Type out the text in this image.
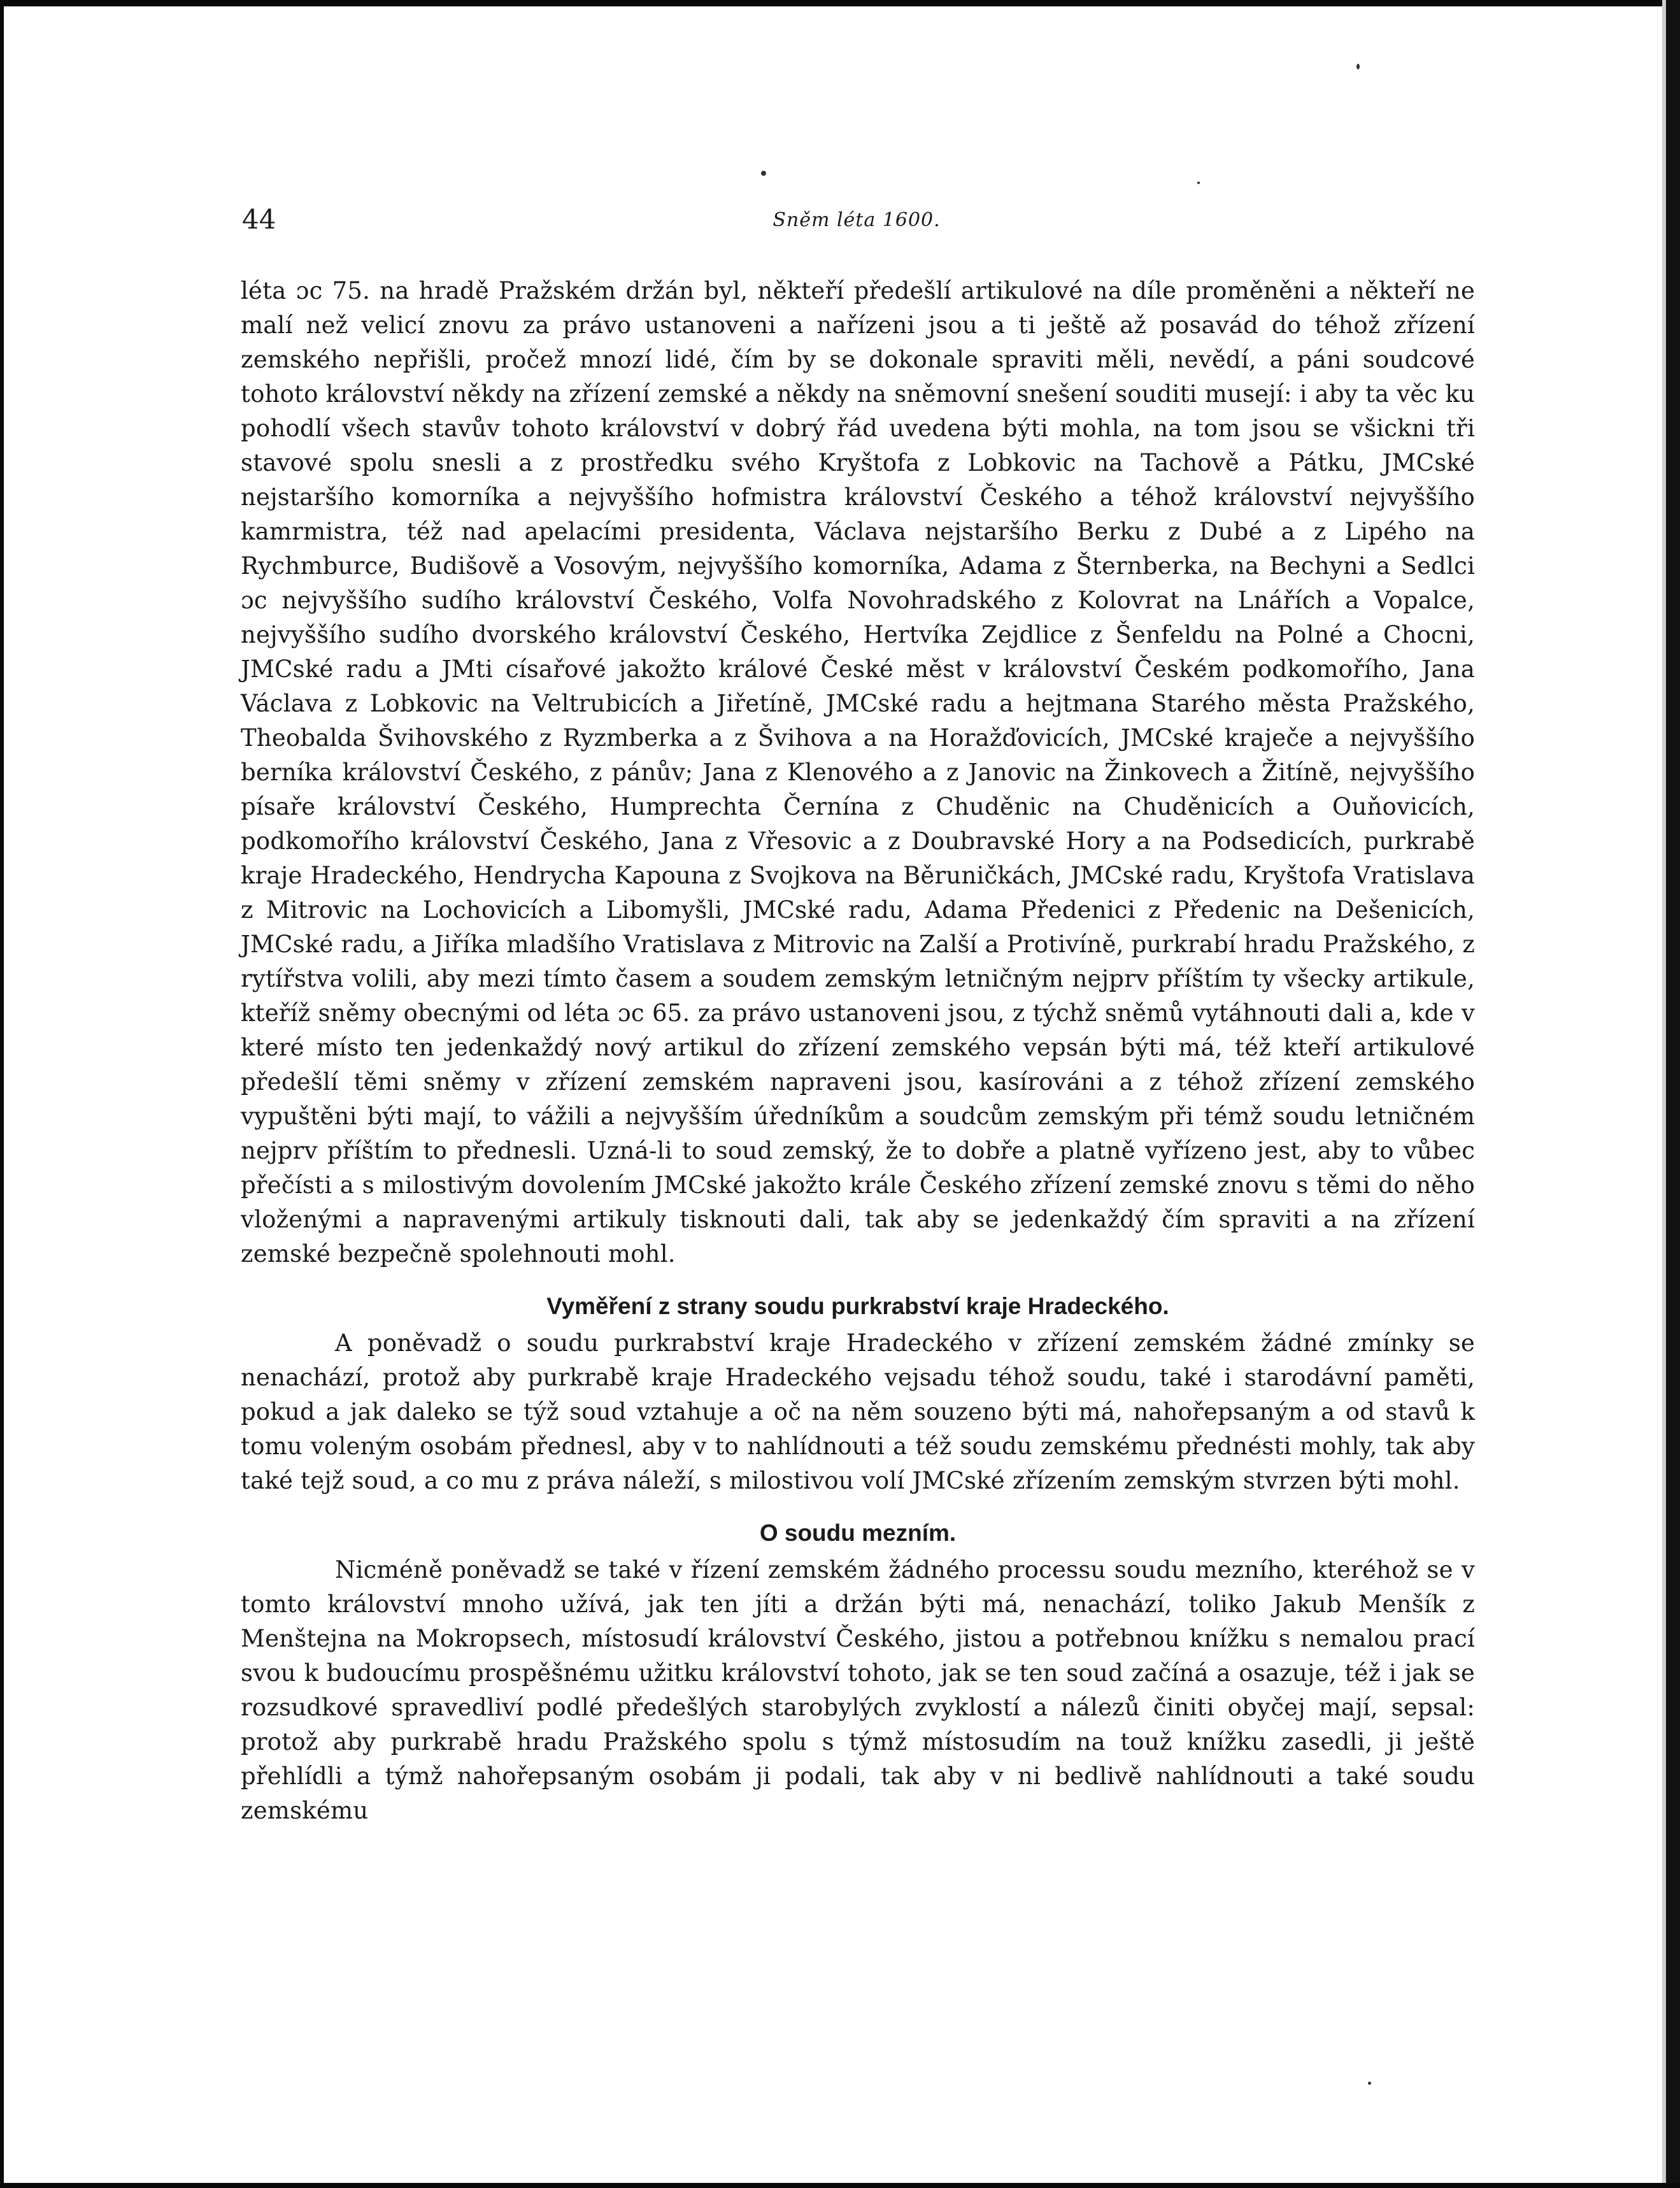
44	Sněm léta 1600.

léta ɔc 75. na hradě Pražském držán byl, někteří předešlí artikulové na díle proměněni a někteří ne malí než velicí znovu za právo ustanoveni a nařízeni jsou a ti ještě až posavád do téhož zřízení zemského nepřišli, pročež mnozí lidé, čím by se dokonale spraviti měli, nevědí, a páni soudcové tohoto království někdy na zřízení zemské a někdy na sněmovní snešení souditi musejí: i aby ta věc ku pohodlí všech stavův tohoto království v dobrý řád uvedena býti mohla, na tom jsou se všickni tři stavové spolu snesli a z prostředku svého Kryštofa z Lobkovic na Tachově a Pátku, JMCské nejstaršího komorníka a nejvyššího hofmistra království Českého a téhož království nejvyššího kamrmistra, též nad apelacími presidenta, Václava nejstaršího Berku z Dubé a z Lipého na Rychmburce, Budišově a Vosovým, nejvyššího komorníka, Adama z Šternberka, na Bechyni a Sedlci ɔc nejvyššího sudího království Českého, Volfa Novohradského z Kolovrat na Lnářích a Vopalce, nejvyššího sudího dvorského království Českého, Hertvíka Zejdlice z Šenfeldu na Polné a Chocni, JMCské radu a JMti císařové jakožto králové České měst v království Českém podkomořího, Jana Václava z Lobkovic na Veltrubicích a Jiřetíně, JMCské radu a hejtmana Starého města Pražského, Theobalda Švihovského z Ryzmberka a z Švihova a na Horažďovicích, JMCské kraječe a nejvyššího berníka království Českého, z pánův; Jana z Klenového a z Janovic na Žinkovech a Žitíně, nejvyššího písaře království Českého, Humprechta Černína z Chuděnic na Chuděnicích a Ouňovicích, podkomořího království Českého, Jana z Vřesovic a z Doubravské Hory a na Podsedicích, purkrabě kraje Hradeckého, Hendrycha Kapouna z Svojkova na Běruničkách, JMCské radu, Kryštofa Vratislava z Mitrovic na Lochovicích a Libomyšli, JMCské radu, Adama Předenici z Předenic na Dešenicích, JMCské radu, a Jiříka mladšího Vratislava z Mitrovic na Zalší a Protivíně, purkrabí hradu Pražského, z rytířstva volili, aby mezi tímto časem a soudem zemským letničným nejprv příštím ty všecky artikule, kteříž sněmy obecnými od léta ɔc 65. za právo ustanoveni jsou, z týchž sněmů vytáhnouti dali a, kde v které místo ten jedenkaždý nový artikul do zřízení zemského vepsán býti má, též kteří artikulové předešlí těmi sněmy v zřízení zemském napraveni jsou, kasírováni a z téhož zřízení zemského vypuštěni býti mají, to vážili a nejvyšším úředníkům a soudcům zemským při témž soudu letničném nejprv příštím to přednesli. Uzná-li to soud zemský, že to dobře a platně vyřízeno jest, aby to vůbec přečísti a s milostivým dovolením JMCské jakožto krále Českého zřízení zemské znovu s těmi do něho vloženými a napravenými artikuly tisknouti dali, tak aby se jedenkaždý čím spraviti a na zřízení zemské bezpečně spolehnouti mohl.

Vyměření z strany soudu purkrabství kraje Hradeckého.

A poněvadž o soudu purkrabství kraje Hradeckého v zřízení zemském žádné zmínky se nenachází, protož aby purkrabě kraje Hradeckého vejsadu téhož soudu, také i starodávní paměti, pokud a jak daleko se týž soud vztahuje a oč na něm souzeno býti má, nahořepsaným a od stavů k tomu voleným osobám přednesl, aby v to nahlídnouti a též soudu zemskému přednésti mohly, tak aby také tejž soud, a co mu z práva náleží, s milostivou volí JMCské zřízením zemským stvrzen býti mohl.

O soudu mezním.

Nicméně poněvadž se také v řízení zemském žádného processu soudu mezního, kteréhož se v tomto království mnoho užívá, jak ten jíti a držán býti má, nenachází, toliko Jakub Menšík z Menštejna na Mokropsech, místosudí království Českého, jistou a potřebnou knížku s nemalou prací svou k budoucímu prospěšnému užitku království tohoto, jak se ten soud začíná a osazuje, též i jak se rozsudkové spravedliví podlé předešlých starobylých zvyklostí a nálezů činiti obyčej mají, sepsal: protož aby purkrabě hradu Pražského spolu s týmž místosudím na touž knížku zasedli, ji ještě přehlídli a týmž nahořepsaným osobám ji podali, tak aby v ni bedlivě nahlídnouti a také soudu zemskému
